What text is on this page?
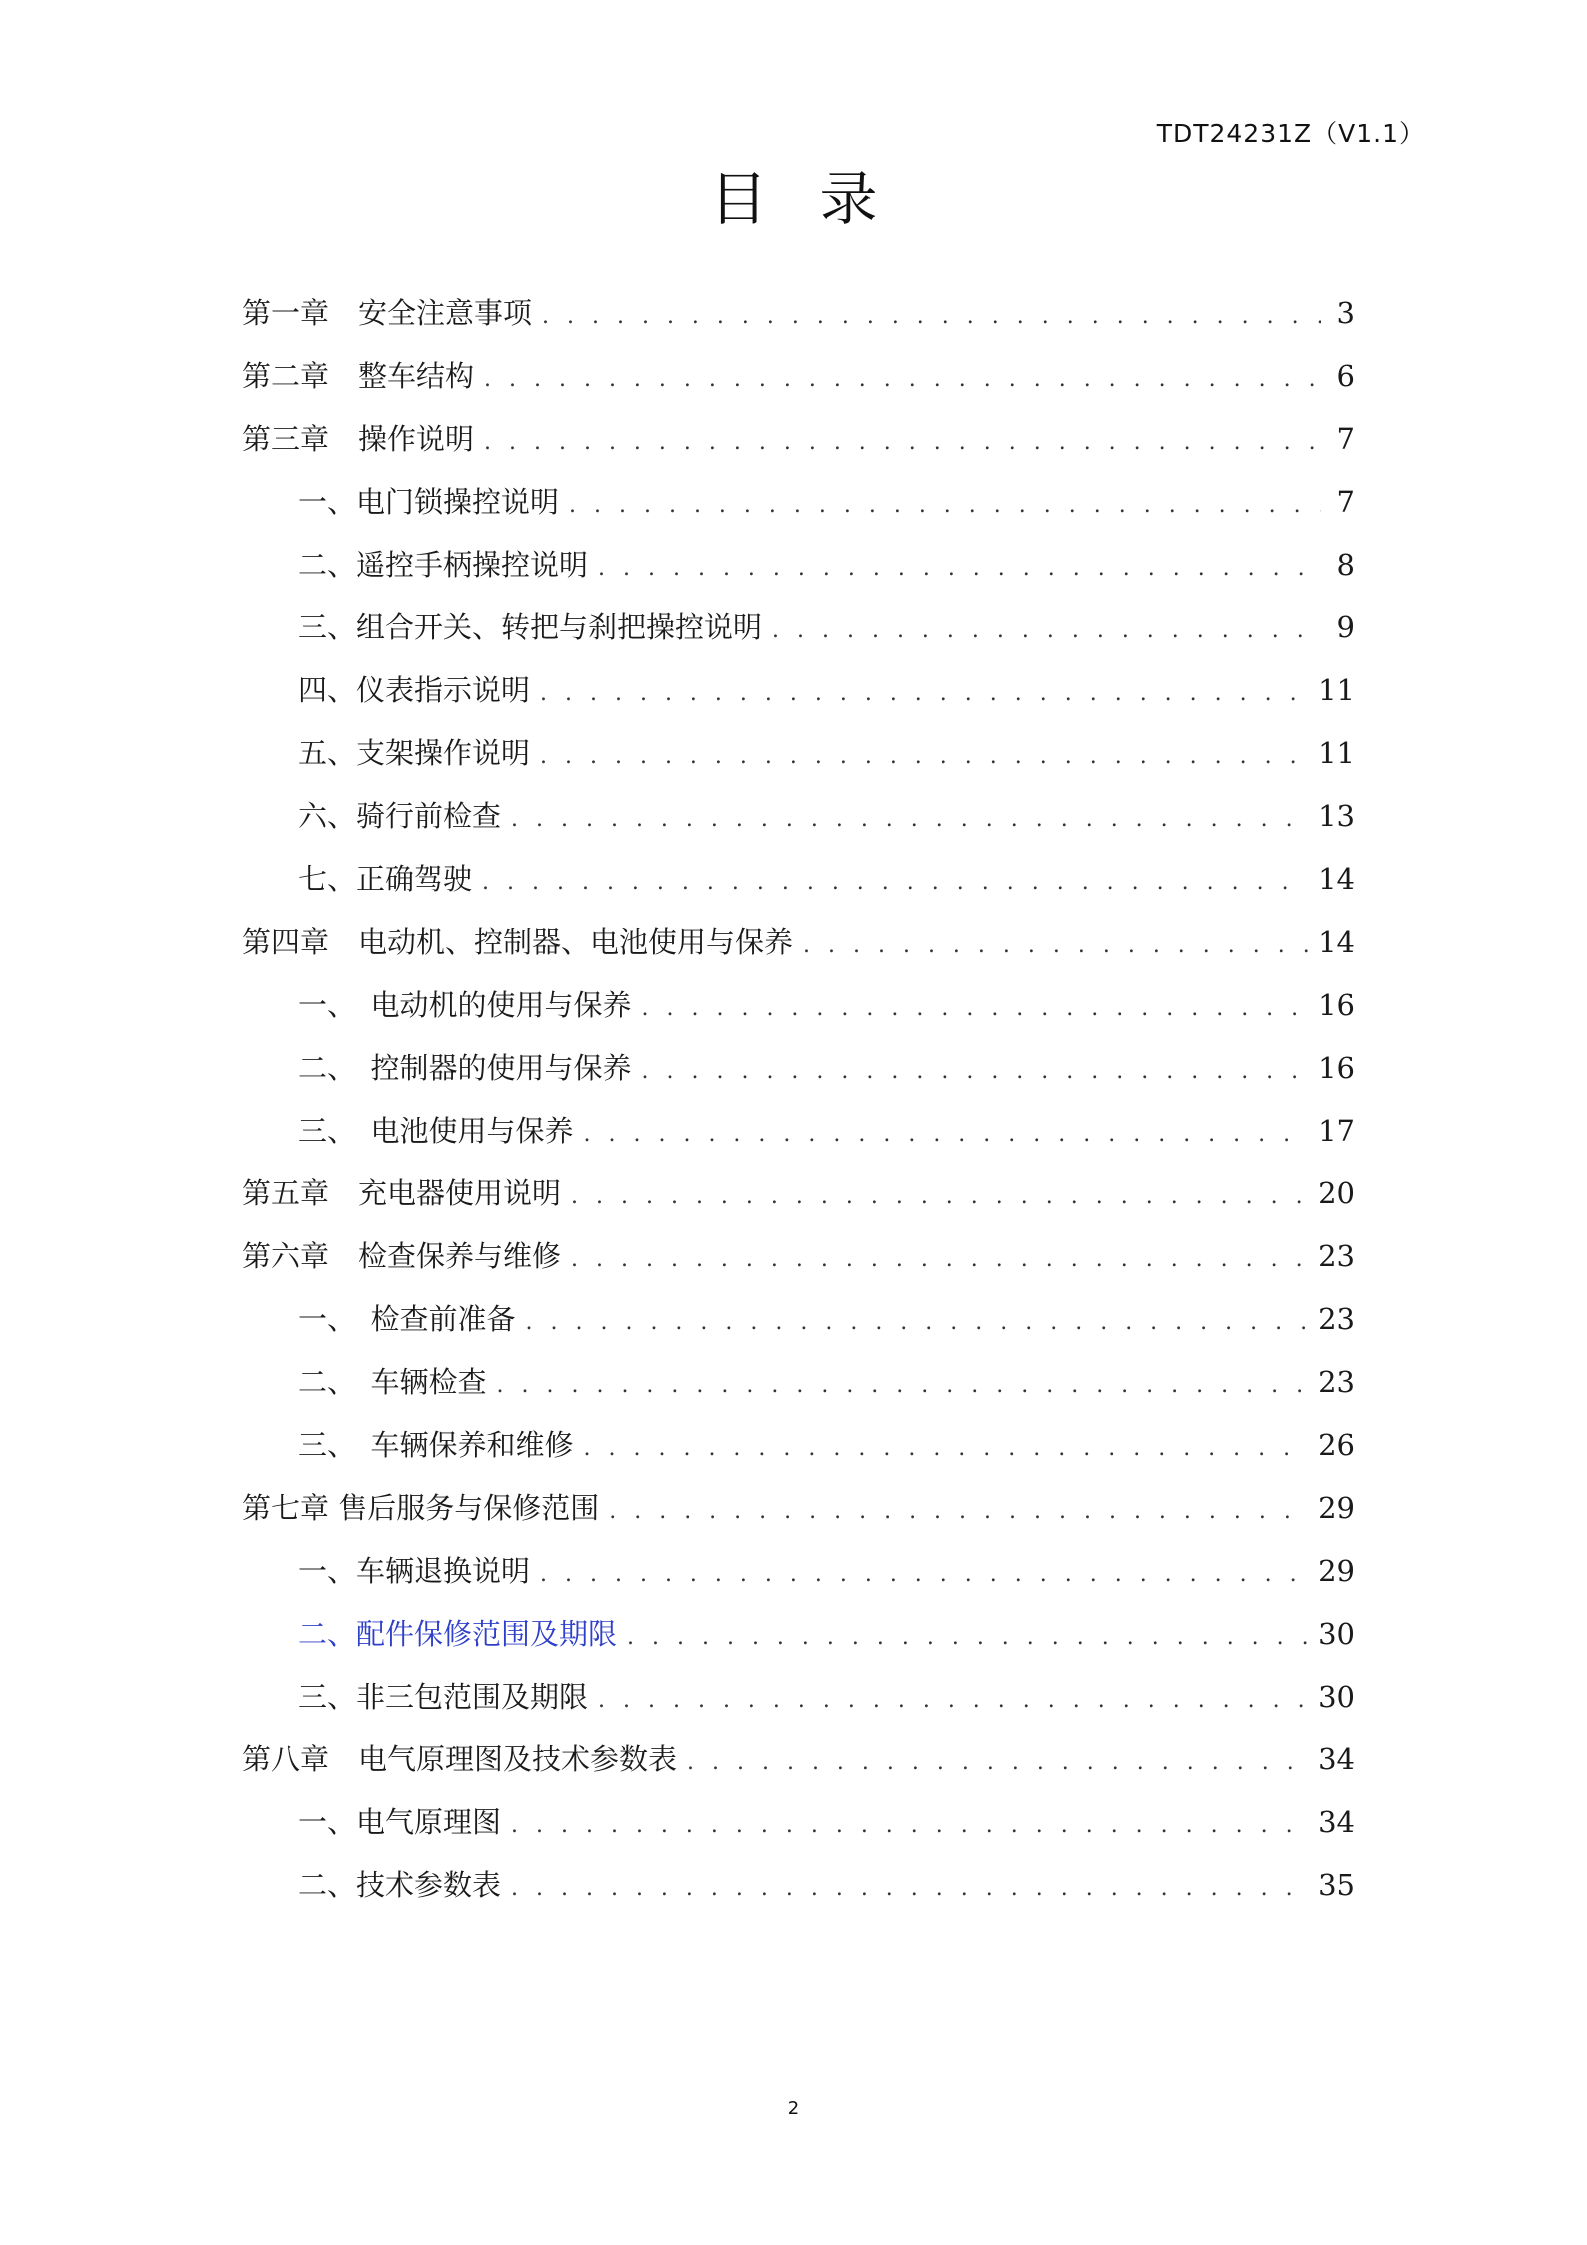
TDT24231Z（V1.1）
目录
第一章　安全注意事项 . . .	3
第二章　整车结构 . . .	6
第三章　操作说明 . . .	7
一、电门锁操控说明 . . .	7
二、遥控手柄操控说明 . . .	8
三、组合开关、转把与刹把操控说明 . . .	9
四、仪表指示说明 . . .	11
五、支架操作说明 . . .	11
六、骑行前检查 . . .	13
七、正确驾驶 . . .	14
第四章　电动机、控制器、电池使用与保养 . . .	14
一、　电动机的使用与保养 . . .	16
二、　控制器的使用与保养 . . .	16
三、　电池使用与保养 . . .	17
第五章　充电器使用说明 . . .	20
第六章　检查保养与维修 . . .	23
一、　检查前准备 . . .	23
二、　车辆检查 . . .	23
三、　车辆保养和维修 . . .	26
第七章 售后服务与保修范围 . . .	29
一、车辆退换说明 . . .	29
二、配件保修范围及期限 . . .	30
三、非三包范围及期限 . . .	30
第八章　电气原理图及技术参数表 . . .	34
一、电气原理图 . . .	34
二、技术参数表 . . .	35
2
